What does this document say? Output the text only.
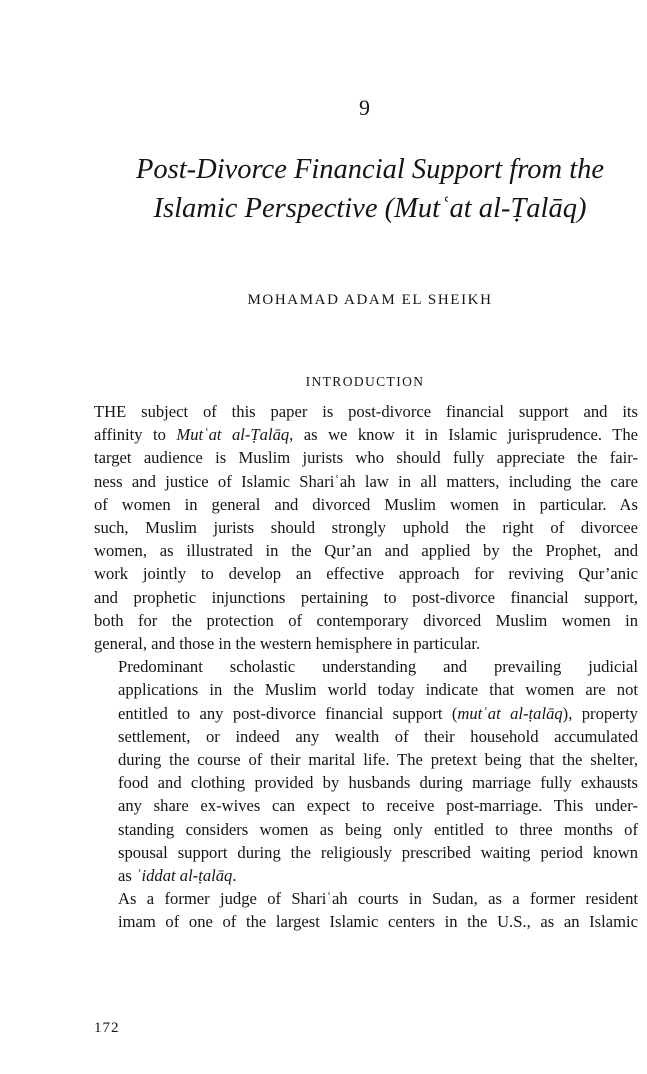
9
Post-Divorce Financial Support from the
Islamic Perspective (Mutʿat al-Ṭalāq)
MOHAMAD ADAM EL SHEIKH
INTRODUCTION

THE subject of this paper is post-divorce financial support and its
affinity to Mutʿat al-Ṭalāq, as we know it in Islamic jurisprudence. The
target audience is Muslim jurists who should fully appreciate the fair-
ness and justice of Islamic Shariʿah law in all matters, including the care
of women in general and divorced Muslim women in particular. As
such, Muslim jurists should strongly uphold the right of divorcee
women, as illustrated in the Qur’an and applied by the Prophet, and
work jointly to develop an effective approach for reviving Qur’anic
and prophetic injunctions pertaining to post-divorce financial support,
both for the protection of contemporary divorced Muslim women in
general, and those in the western hemisphere in particular.

Predominant scholastic understanding and prevailing judicial
applications in the Muslim world today indicate that women are not
entitled to any post-divorce financial support (mutʿat al-ṭalāq), property
settlement, or indeed any wealth of their household accumulated
during the course of their marital life. The pretext being that the shelter,
food and clothing provided by husbands during marriage fully exhausts
any share ex-wives can expect to receive post-marriage. This under-
standing considers women as being only entitled to three months of
spousal support during the religiously prescribed waiting period known
as ʿiddat al-ṭalāq.

As a former judge of Shariʿah courts in Sudan, as a former resident
imam of one of the largest Islamic centers in the U.S., as an Islamic

172
